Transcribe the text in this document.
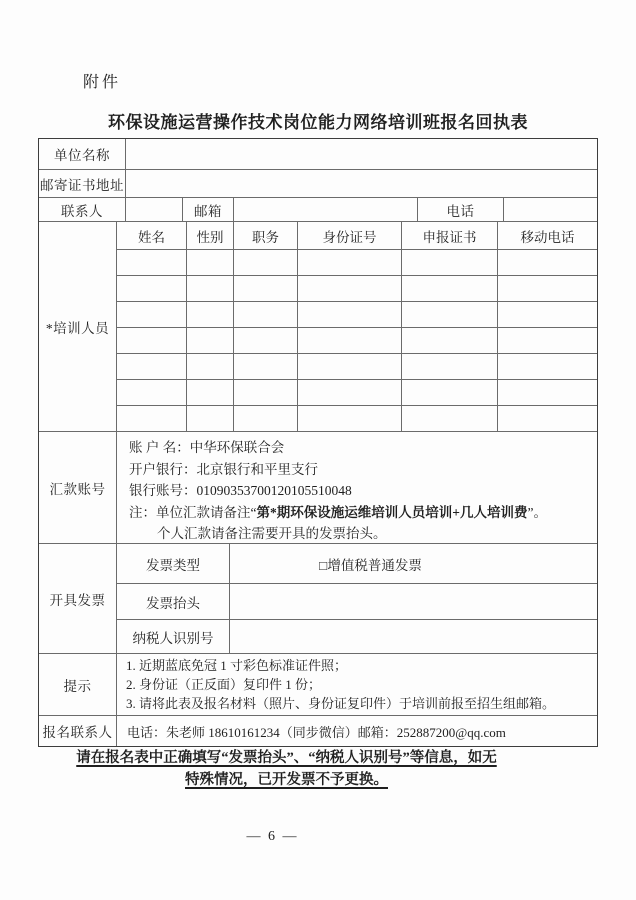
附件
环保设施运营操作技术岗位能力网络培训班报名回执表
单位名称
邮寄证书地址
联系人	邮箱	电话
*培训人员
姓名	性别	职务	身份证号	申报证书	移动电话
汇款账号

账 户 名：中华环保联合会

开户银行：北京银行和平里支行

银行账号：01090353700120105510048

注：单位汇款请备注“第*期环保设施运维培训人员培训+几人培训费”。

个人汇款请备注需要开具的发票抬头。

开具发票
发票类型	□增值税普通发票
发票抬头
纳税人识别号
提示
1. 近期蓝底免冠 1 寸彩色标准证件照；
2. 身份证（正反面）复印件 1 份；
3. 请将此表及报名材料（照片、身份证复印件）于培训前报至招生组邮箱。
报名联系人	电话：朱老师 18610161234（同步微信）邮箱：252887200@qq.com
请在报名表中正确填写“发票抬头”、“纳税人识别号”等信息，如无
特殊情况，已开发票不予更换。
— 6 —
